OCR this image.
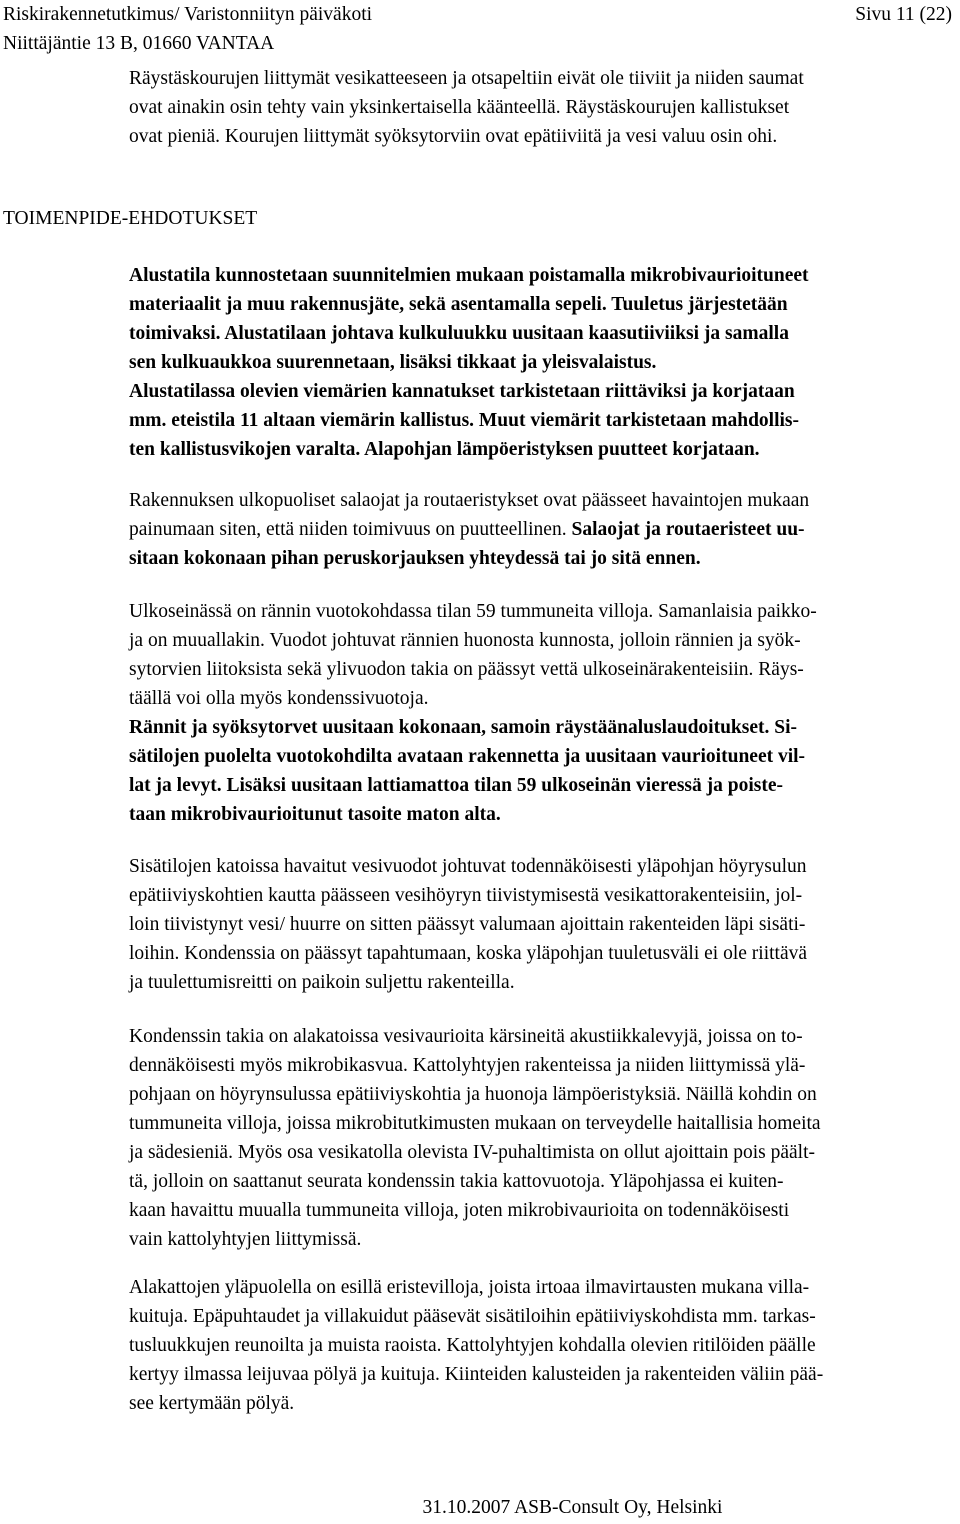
Riskirakennetutkimus/ Varistonniityn päiväkoti
Niittäjäntie 13 B, 01660 VANTAA
Sivu 11 (22)
Räystäskourujen liittymät vesikatteeseen ja otsapeltiin eivät ole tiiviit ja niiden saumat
ovat ainakin osin tehty vain yksinkertaisella käänteellä. Räystäskourujen kallistukset
ovat pieniä. Kourujen liittymät syöksytorviin ovat epätiiviitä ja vesi valuu osin ohi.
TOIMENPIDE-EHDOTUKSET
Alustatila kunnostetaan suunnitelmien mukaan poistamalla mikrobivaurioituneet
materiaalit ja muu rakennusjäte, sekä asentamalla sepeli. Tuuletus järjestetään
toimivaksi. Alustatilaan johtava kulkuluukku uusitaan kaasutiiviiksi ja samalla
sen kulkuaukkoa suurennetaan, lisäksi tikkaat ja yleisvalaistus.
Alustatilassa olevien viemärien kannatukset tarkistetaan riittäviksi ja korjataan
mm. eteistila 11 altaan viemärin kallistus. Muut viemärit tarkistetaan mahdollis-
ten kallistusvikojen varalta. Alapohjan lämpöeristyksen puutteet korjataan.
Rakennuksen ulkopuoliset salaojat ja routaeristykset ovat päässeet havaintojen mukaan
painumaan siten, että niiden toimivuus on puutteellinen. Salaojat ja routaeristeet uu-
sitaan kokonaan pihan peruskorjauksen yhteydessä tai jo sitä ennen.
Ulkoseinässä on rännin vuotokohdassa tilan 59 tummuneita villoja. Samanlaisia paikko-
ja on muuallakin. Vuodot johtuvat rännien huonosta kunnosta, jolloin rännien ja syök-
sytorvien liitoksista sekä ylivuodon takia on päässyt vettä ulkoseinärakenteisiin. Räys-
täällä voi olla myös kondenssivuotoja.
Rännit ja syöksytorvet uusitaan kokonaan, samoin räystäänaluslaudoitukset. Si-
sätilojen puolelta vuotokohdilta avataan rakennetta ja uusitaan vaurioituneet vil-
lat ja levyt. Lisäksi uusitaan lattiamattoa tilan 59 ulkoseinän vieressä ja poiste-
taan mikrobivaurioitunut tasoite maton alta.
Sisätilojen katoissa havaitut vesivuodot johtuvat todennäköisesti yläpohjan höyrysulun
epätiiviyskohtien kautta päässeen vesihöyryn tiivistymisestä vesikattorakenteisiin, jol-
loin tiivistynyt vesi/ huurre on sitten päässyt valumaan ajoittain rakenteiden läpi sisäti-
loihin. Kondenssia on päässyt tapahtumaan, koska yläpohjan tuuletusväli ei ole riittävä
ja tuulettumisreitti on paikoin suljettu rakenteilla.
Kondenssin takia on alakatoissa vesivaurioita kärsineitä akustiikkalevyjä, joissa on to-
dennäköisesti myös mikrobikasvua. Kattolyhtyjen rakenteissa ja niiden liittymissä ylä-
pohjaan on höyrynsulussa epätiiviyskohtia ja huonoja lämpöeristyksiä. Näillä kohdin on
tummuneita villoja, joissa mikrobitutkimusten mukaan on terveydelle haitallisia homeita
ja sädesieniä. Myös osa vesikatolla olevista IV-puhaltimista on ollut ajoittain pois päält-
tä, jolloin on saattanut seurata kondenssin takia kattovuotoja. Yläpohjassa ei kuiten-
kaan havaittu muualla tummuneita villoja, joten mikrobivaurioita on todennäköisesti
vain kattolyhtyjen liittymissä.
Alakattojen yläpuolella on esillä eristevilloja, joista irtoaa ilmavirtausten mukana villa-
kuituja. Epäpuhtaudet ja villakuidut pääsevät sisätiloihin epätiiviyskohdista mm. tarkas-
tusluukkujen reunoilta ja muista raoista. Kattolyhtyjen kohdalla olevien ritilöiden päälle
kertyy ilmassa leijuvaa pölyä ja kuituja. Kiinteiden kalusteiden ja rakenteiden väliin pää-
see kertymään pölyä.
31.10.2007 ASB-Consult Oy, Helsinki
